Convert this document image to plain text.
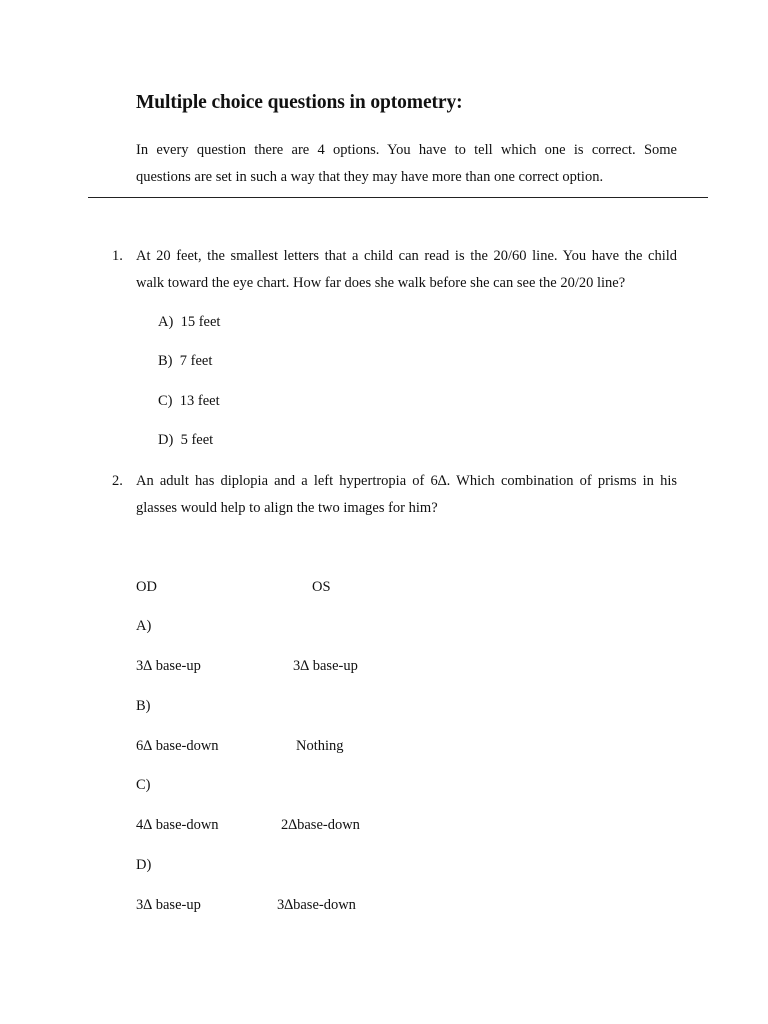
Multiple choice questions in optometry:
In every question there are 4 options. You have to tell which one is correct. Some
questions are set in such a way that they may have more than one correct option.
1. At 20 feet, the smallest letters that a child can read is the 20/60 line. You have the child
walk toward the eye chart. How far does she walk before she can see the 20/20 line?
A) 15 feet
B) 7 feet
C) 13 feet
D) 5 feet
2. An adult has diplopia and a left hypertropia of 6∆. Which combination of prisms in his
glasses would help to align the two images for him?
OD	OS
A)
3∆ base-up	3∆ base-up
B)
6∆ base-down	Nothing
C)
4∆ base-down	2∆base-down
D)
3∆ base-up	3∆base-down
